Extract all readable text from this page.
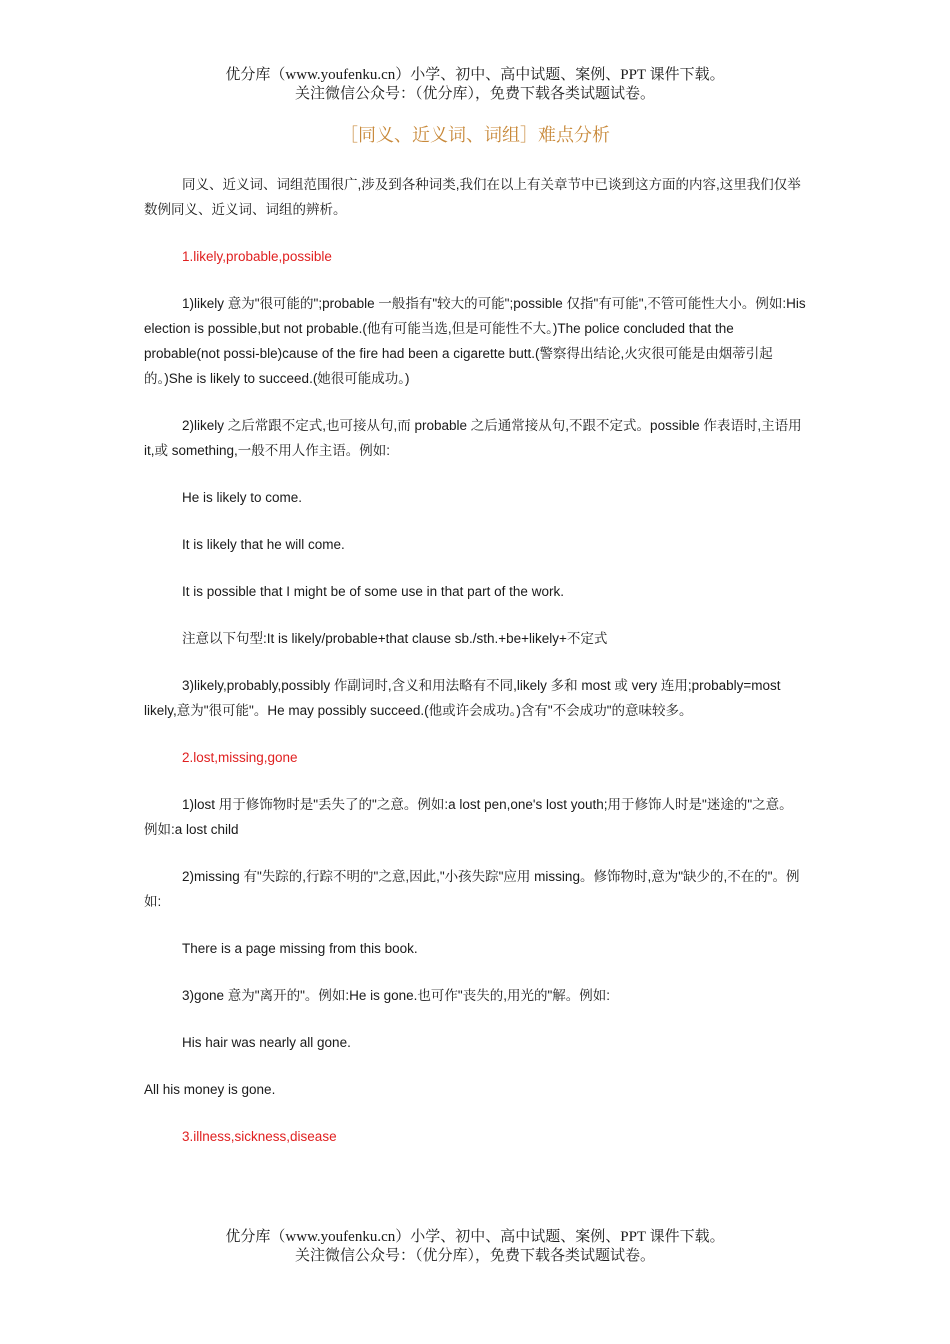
优分库（www.youfenku.cn）小学、初中、高中试题、案例、PPT 课件下载。
关注微信公众号：（优分库），免费下载各类试题试卷。
［同义、近义词、词组］难点分析

同义、近义词、词组范围很广,涉及到各种词类,我们在以上有关章节中已谈到这方面的内容,这里我们仅举数例同义、近义词、词组的辨析。

1.likely,probable,possible

1)likely 意为"很可能的";probable 一般指有"较大的可能";possible 仅指"有可能",不管可能性大小。例如:His election is possible,but not probable.(他有可能当选,但是可能性不大。)The police concluded that the probable(not possi-ble)cause of the fire had been a cigarette butt.(警察得出结论,火灾很可能是由烟蒂引起的。)She is likely to succeed.(她很可能成功。)

2)likely 之后常跟不定式,也可接从句,而 probable 之后通常接从句,不跟不定式。possible 作表语时,主语用 it,或 something,一般不用人作主语。例如:

He is likely to come.

It is likely that he will come.

It is possible that I might be of some use in that part of the work.

注意以下句型:It is likely/probable+that clause sb./sth.+be+likely+不定式

3)likely,probably,possibly 作副词时,含义和用法略有不同,likely 多和 most 或 very 连用;probably=most likely,意为"很可能"。He may possibly succeed.(他或许会成功。)含有"不会成功"的意味较多。

2.lost,missing,gone

1)lost 用于修饰物时是"丢失了的"之意。例如:a lost pen,one's lost youth;用于修饰人时是"迷途的"之意。例如:a lost child

2)missing 有"失踪的,行踪不明的"之意,因此,"小孩失踪"应用 missing。修饰物时,意为"缺少的,不在的"。例如:

There is a page missing from this book.

3)gone 意为"离开的"。例如:He is gone.也可作"丧失的,用光的"解。例如:

His hair was nearly all gone.

All his money is gone.

3.illness,sickness,disease

优分库（www.youfenku.cn）小学、初中、高中试题、案例、PPT 课件下载。
关注微信公众号：（优分库），免费下载各类试题试卷。
